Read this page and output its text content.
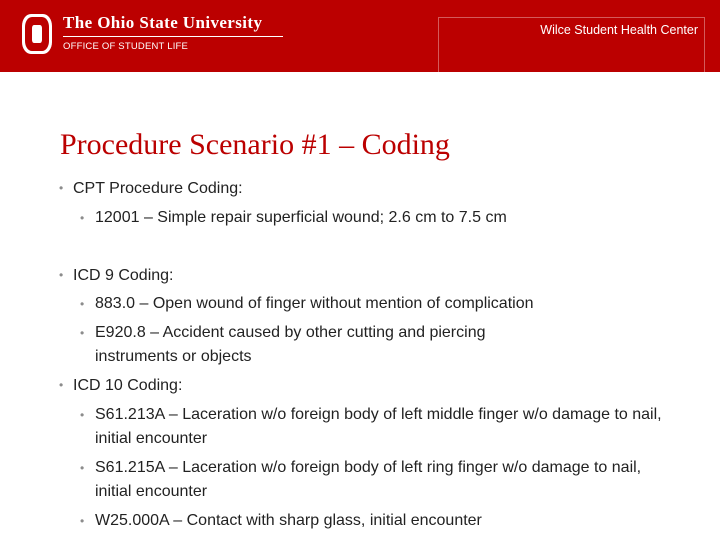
The Ohio State University
OFFICE OF STUDENT LIFE
Wilce Student Health Center
Procedure Scenario #1 – Coding
• CPT Procedure Coding:
• 12001 – Simple repair superficial wound; 2.6 cm to 7.5 cm
• ICD 9 Coding:
• 883.0 – Open wound of finger without mention of complication
• E920.8 – Accident caused by other cutting and piercing instruments or objects
• ICD 10 Coding:
• S61.213A – Laceration w/o foreign body of left middle finger w/o damage to nail, initial encounter
• S61.215A – Laceration w/o foreign body of left ring finger w/o damage to nail, initial encounter
• W25.000A – Contact with sharp glass, initial encounter
